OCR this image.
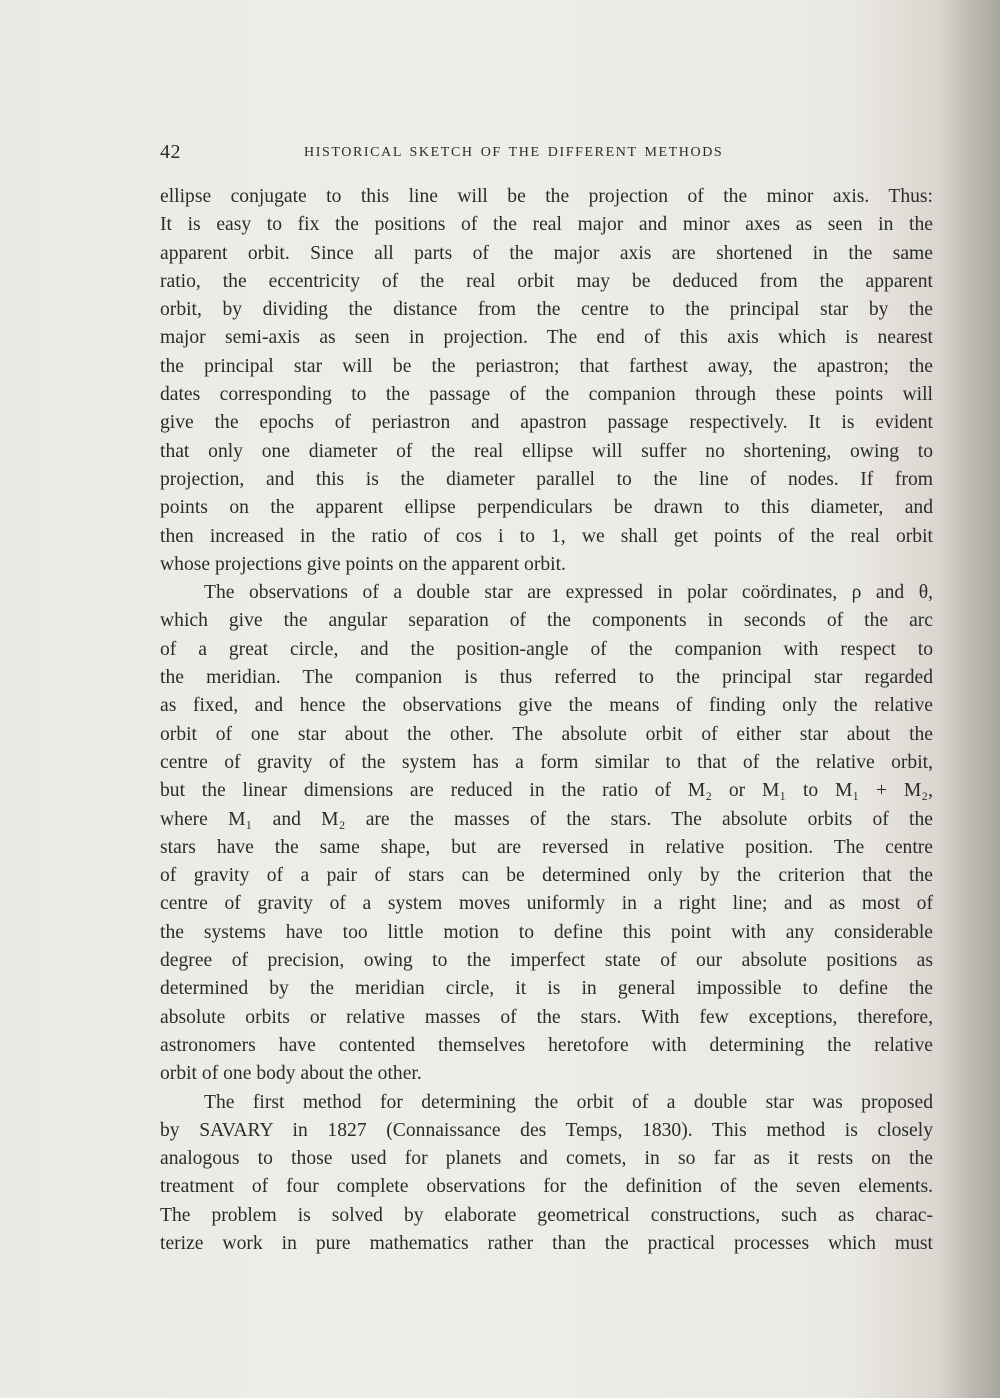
42	HISTORICAL SKETCH OF THE DIFFERENT METHODS
ellipse conjugate to this line will be the projection of the minor axis. Thus:
It is easy to fix the positions of the real major and minor axes as seen in the
apparent orbit. Since all parts of the major axis are shortened in the same
ratio, the eccentricity of the real orbit may be deduced from the apparent
orbit, by dividing the distance from the centre to the principal star by the
major semi-axis as seen in projection. The end of this axis which is nearest
the principal star will be the periastron; that farthest away, the apastron; the
dates corresponding to the passage of the companion through these points will
give the epochs of periastron and apastron passage respectively. It is evident
that only one diameter of the real ellipse will suffer no shortening, owing to
projection, and this is the diameter parallel to the line of nodes. If from
points on the apparent ellipse perpendiculars be drawn to this diameter, and
then increased in the ratio of cos i to 1, we shall get points of the real orbit
whose projections give points on the apparent orbit.
The observations of a double star are expressed in polar coördinates, ρ and θ,
which give the angular separation of the components in seconds of the arc
of a great circle, and the position-angle of the companion with respect to
the meridian. The companion is thus referred to the principal star regarded
as fixed, and hence the observations give the means of finding only the relative
orbit of one star about the other. The absolute orbit of either star about the
centre of gravity of the system has a form similar to that of the relative orbit,
but the linear dimensions are reduced in the ratio of M₂ or M₁ to M₁ + M₂,
where M₁ and M₂ are the masses of the stars. The absolute orbits of the
stars have the same shape, but are reversed in relative position. The centre
of gravity of a pair of stars can be determined only by the criterion that the
centre of gravity of a system moves uniformly in a right line; and as most of
the systems have too little motion to define this point with any considerable
degree of precision, owing to the imperfect state of our absolute positions as
determined by the meridian circle, it is in general impossible to define the
absolute orbits or relative masses of the stars. With few exceptions, therefore,
astronomers have contented themselves heretofore with determining the relative
orbit of one body about the other.
The first method for determining the orbit of a double star was proposed
by SAVARY in 1827 (Connaissance des Temps, 1830). This method is closely
analogous to those used for planets and comets, in so far as it rests on the
treatment of four complete observations for the definition of the seven elements.
The problem is solved by elaborate geometrical constructions, such as charac-
terize work in pure mathematics rather than the practical processes which must
